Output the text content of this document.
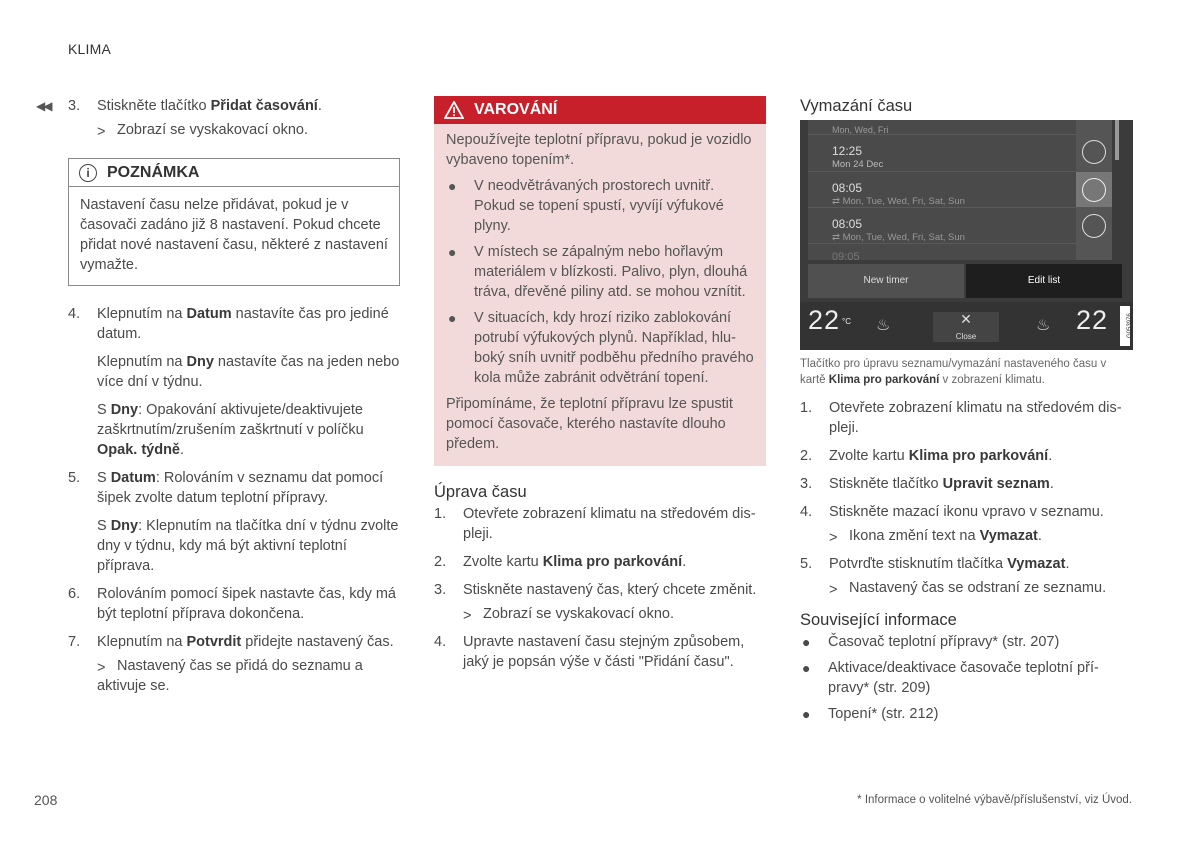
KLIMA
◀◀ 3. Stiskněte tlačítko Přidat časování.

> Zobrazí se vyskakovací okno.

i	POZNÁMKA
Nastavení času nelze přidávat, pokud je v časovači zadáno již 8 nastavení. Pokud chcete přidat nové nastavení času, některé z nastavení vymažte.

4. Klepnutím na Datum nastavíte čas pro jediné datum.

Klepnutím na Dny nastavíte čas na jeden nebo více dní v týdnu.

S Dny: Opakování aktivujete/deaktivujete zaškrtnutím/zrušením zaškrtnutí v políčku Opak. týdně.

5. S Datum: Rolováním v seznamu dat pomocí šipek zvolte datum teplotní přípravy.

S Dny: Klepnutím na tlačítka dní v týdnu zvolte dny v týdnu, kdy má být aktivní teplotní příprava.

6. Rolováním pomocí šipek nastavte čas, kdy má být teplotní příprava dokončena.

7. Klepnutím na Potvrdit přidejte nastavený čas.

> Nastavený čas se přidá do seznamu a aktivuje se.

VAROVÁNÍ
Nepoužívejte teplotní přípravu, pokud je vozidlo vybaveno topením*.
● V neodvětrávaných prostorech uvnitř. Pokud se topení spustí, vyvíjí výfukové plyny.
● V místech se zápalným nebo hořlavým materiálem v blízkosti. Palivo, plyn, dlouhá tráva, dřevěné piliny atd. se mohou vznítit.
● V situacích, kdy hrozí riziko zablokování potrubí výfukových plynů. Například, hluboký sníh uvnitř podběhu předního pravého kola může zabránit odvětrání topení.
Připomínáme, že teplotní přípravu lze spustit pomocí časovače, kterého nastavíte dlouho předem.
Úprava času

1. Otevřete zobrazení klimatu na středovém displeji.

2. Zvolte kartu Klima pro parkování.

3. Stiskněte nastavený čas, který chcete změnit.

> Zobrazí se vyskakovací okno.

4. Upravte nastavení času stejným způsobem, jaký je popsán výše v části "Přidání času".

Vymazání času
Mon, Wed, Fri
12:25
Mon 24 Dec
08:05
⇄ Mon, Tue, Wed, Fri, Sat, Sun
08:05
⇄ Mon, Tue, Wed, Fri, Sat, Sun
09:05
New timer	Edit list
22 °C ♨	✕
Close
♨ 22	G053976
Tlačítko pro úpravu seznamu/vymazání nastaveného času v kartě Klima pro parkování v zobrazení klimatu.

1. Otevřete zobrazení klimatu na středovém displeji.

2. Zvolte kartu Klima pro parkování.

3. Stiskněte tlačítko Upravit seznam.

4. Stiskněte mazací ikonu vpravo v seznamu.

> Ikona změní text na Vymazat.

5. Potvrďte stisknutím tlačítka Vymazat.

> Nastavený čas se odstraní ze seznamu.

Související informace
● Časovač teplotní přípravy* (str. 207)
● Aktivace/deaktivace časovače teplotní přípravy* (str. 209)
● Topení* (str. 212)
208	* Informace o volitelné výbavě/příslušenství, viz Úvod.
